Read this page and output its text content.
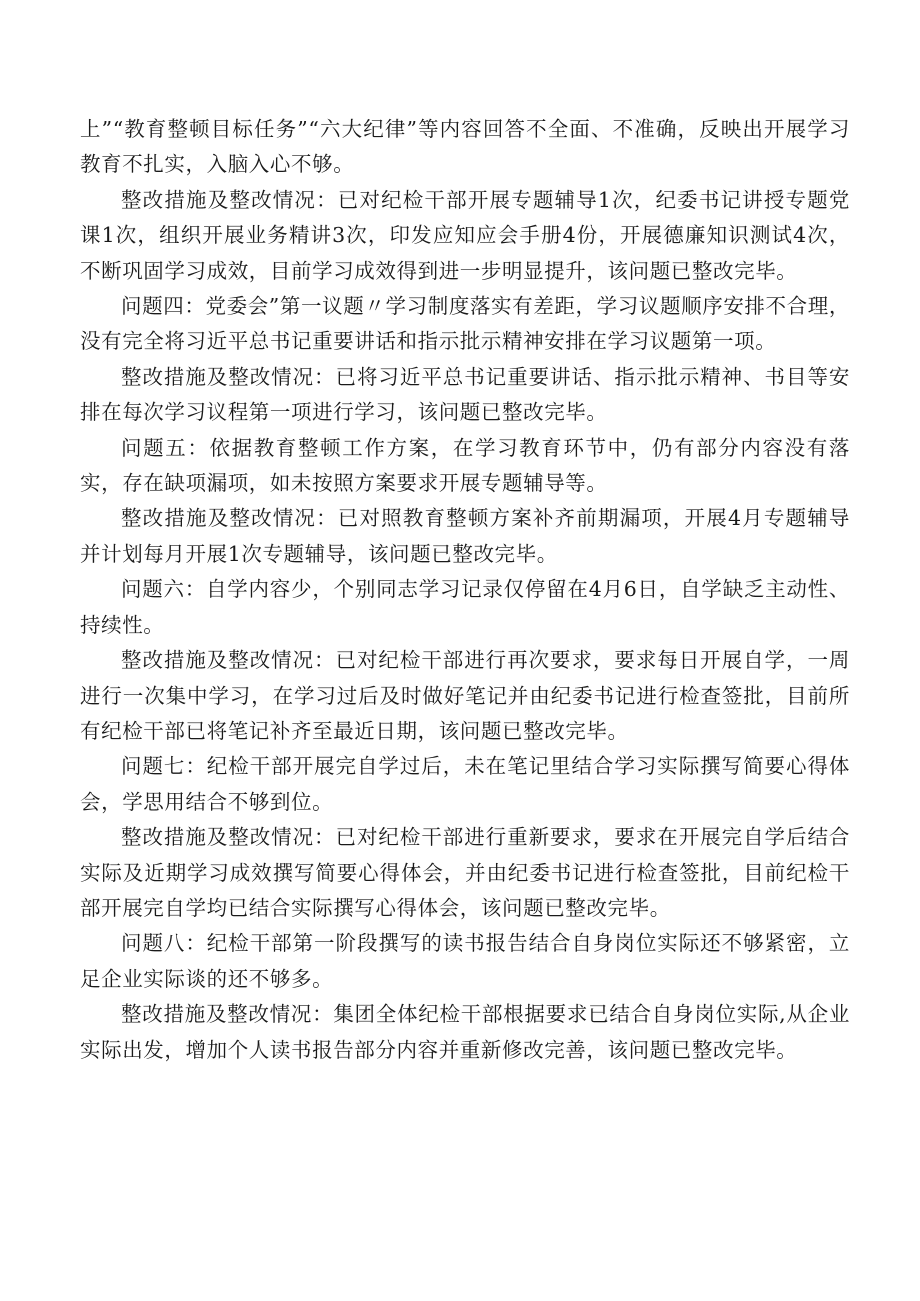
上”“教育整顿目标任务”“六大纪律”等内容回答不全面、不准确，反映出开展学习教育不扎实，入脑入心不够。

整改措施及整改情况：已对纪检干部开展专题辅导1次，纪委书记讲授专题党课1次，组织开展业务精讲3次，印发应知应会手册4份，开展德廉知识测试4次，不断巩固学习成效，目前学习成效得到进一步明显提升，该问题已整改完毕。

问题四：党委会”第一议题〃学习制度落实有差距，学习议题顺序安排不合理，没有完全将习近平总书记重要讲话和指示批示精神安排在学习议题第一项。

整改措施及整改情况：已将习近平总书记重要讲话、指示批示精神、书目等安排在每次学习议程第一项进行学习，该问题已整改完毕。

问题五：依据教育整顿工作方案，在学习教育环节中，仍有部分内容没有落实，存在缺项漏项，如未按照方案要求开展专题辅导等。

整改措施及整改情况：已对照教育整顿方案补齐前期漏项，开展4月专题辅导并计划每月开展1次专题辅导，该问题已整改完毕。

问题六：自学内容少，个别同志学习记录仅停留在4月6日，自学缺乏主动性、持续性。

整改措施及整改情况：已对纪检干部进行再次要求，要求每日开展自学，一周进行一次集中学习，在学习过后及时做好笔记并由纪委书记进行检查签批，目前所有纪检干部已将笔记补齐至最近日期，该问题已整改完毕。

问题七：纪检干部开展完自学过后，未在笔记里结合学习实际撰写简要心得体会，学思用结合不够到位。

整改措施及整改情况：已对纪检干部进行重新要求，要求在开展完自学后结合实际及近期学习成效撰写简要心得体会，并由纪委书记进行检查签批，目前纪检干部开展完自学均已结合实际撰写心得体会，该问题已整改完毕。

问题八：纪检干部第一阶段撰写的读书报告结合自身岗位实际还不够紧密，立足企业实际谈的还不够多。

整改措施及整改情况：集团全体纪检干部根据要求已结合自身岗位实际,从企业实际出发，增加个人读书报告部分内容并重新修改完善，该问题已整改完毕。
